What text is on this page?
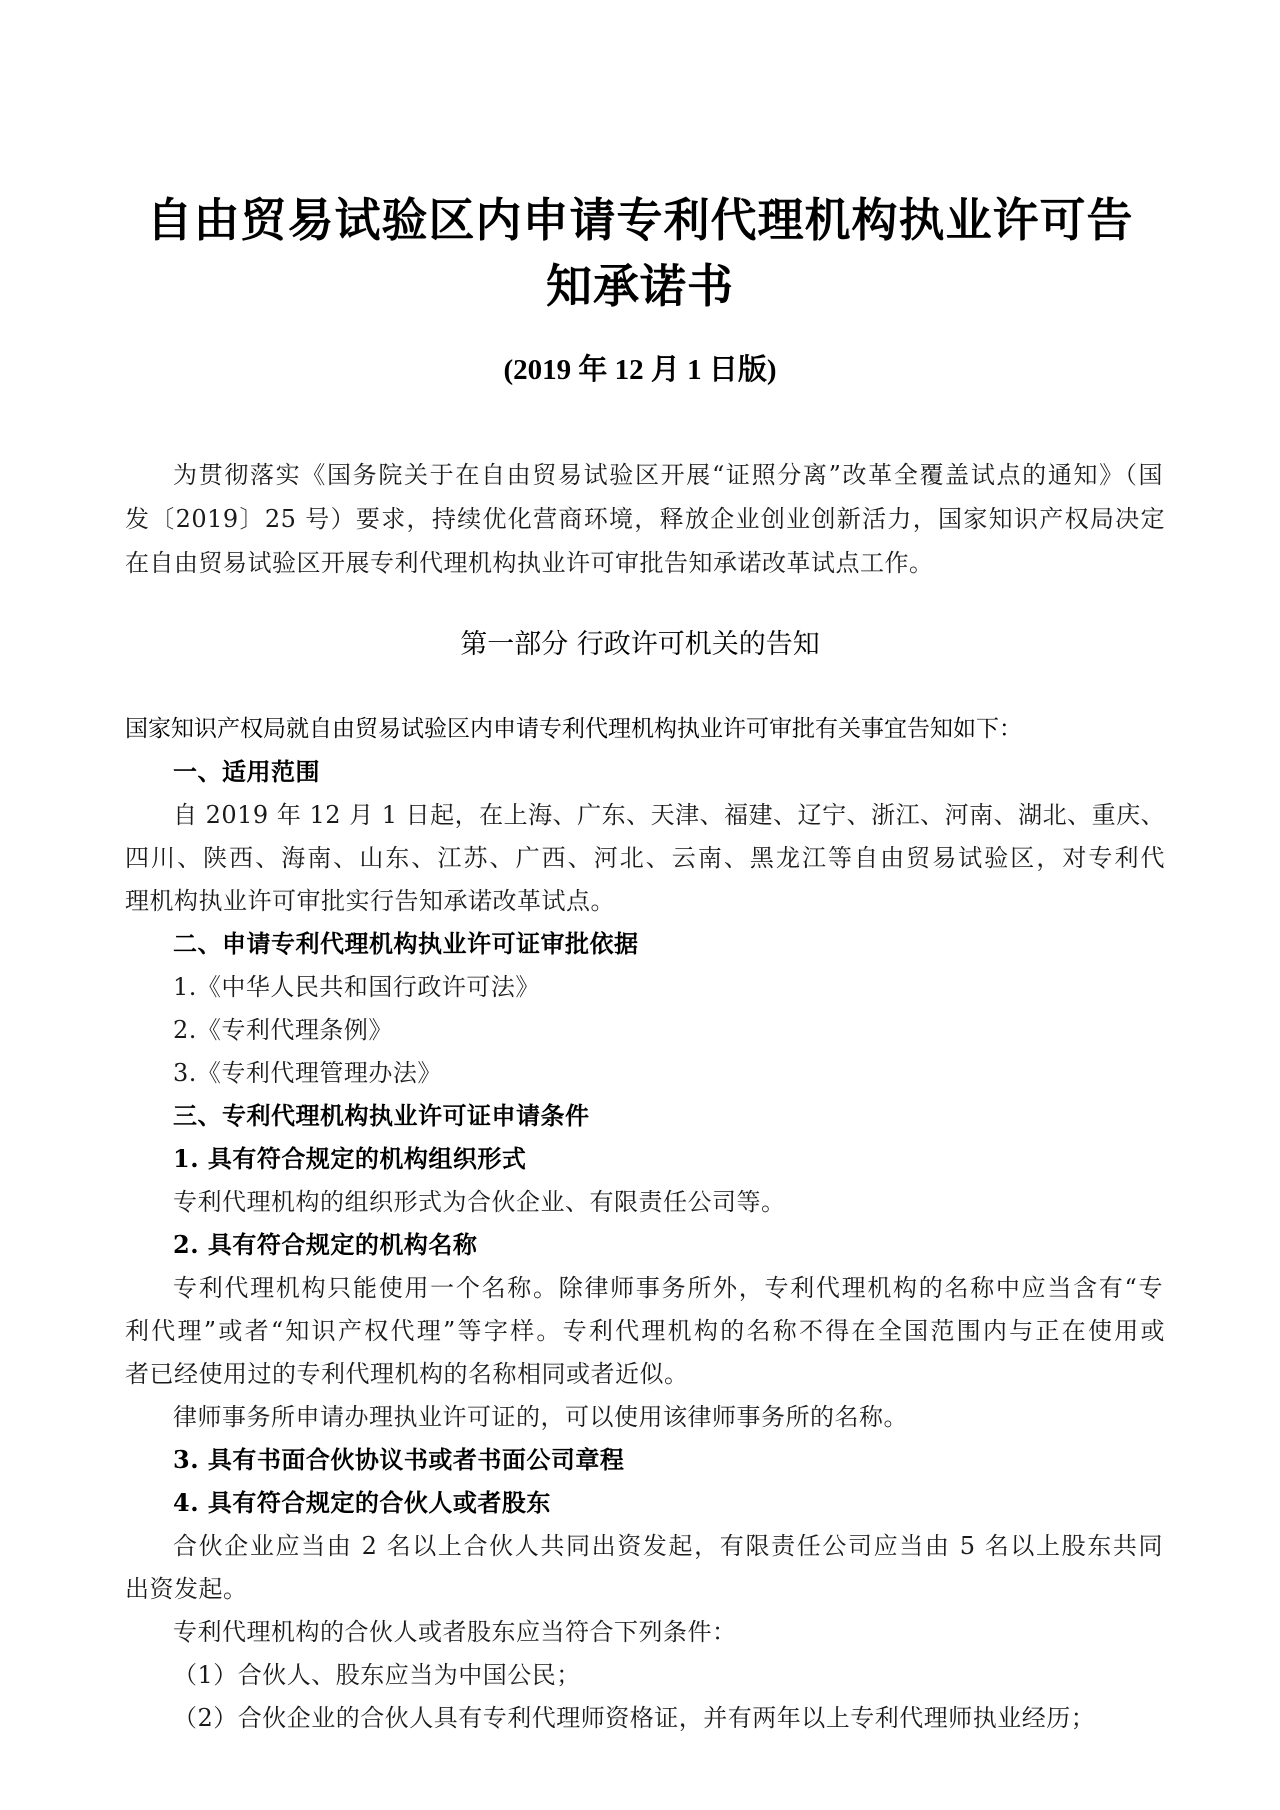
自由贸易试验区内申请专利代理机构执业许可告
知承诺书
(2019 年 12 月 1 日版)
为贯彻落实《国务院关于在自由贸易试验区开展“证照分离”改革全覆盖试点的通知》（国
发〔2019〕25 号）要求，持续优化营商环境，释放企业创业创新活力，国家知识产权局决定
在自由贸易试验区开展专利代理机构执业许可审批告知承诺改革试点工作。
第一部分 行政许可机关的告知
国家知识产权局就自由贸易试验区内申请专利代理机构执业许可审批有关事宜告知如下：
一、适用范围
自 2019 年 12 月 1 日起，在上海、广东、天津、福建、辽宁、浙江、河南、湖北、重庆、
四川、陕西、海南、山东、江苏、广西、河北、云南、黑龙江等自由贸易试验区，对专利代
理机构执业许可审批实行告知承诺改革试点。
二、申请专利代理机构执业许可证审批依据
1.《中华人民共和国行政许可法》
2.《专利代理条例》
3.《专利代理管理办法》
三、专利代理机构执业许可证申请条件
1. 具有符合规定的机构组织形式
专利代理机构的组织形式为合伙企业、有限责任公司等。
2. 具有符合规定的机构名称
专利代理机构只能使用一个名称。除律师事务所外，专利代理机构的名称中应当含有“专
利代理”或者“知识产权代理”等字样。专利代理机构的名称不得在全国范围内与正在使用或
者已经使用过的专利代理机构的名称相同或者近似。
律师事务所申请办理执业许可证的，可以使用该律师事务所的名称。
3. 具有书面合伙协议书或者书面公司章程
4. 具有符合规定的合伙人或者股东
合伙企业应当由 2 名以上合伙人共同出资发起，有限责任公司应当由 5 名以上股东共同
出资发起。
专利代理机构的合伙人或者股东应当符合下列条件：
（1）合伙人、股东应当为中国公民；
（2）合伙企业的合伙人具有专利代理师资格证，并有两年以上专利代理师执业经历；
